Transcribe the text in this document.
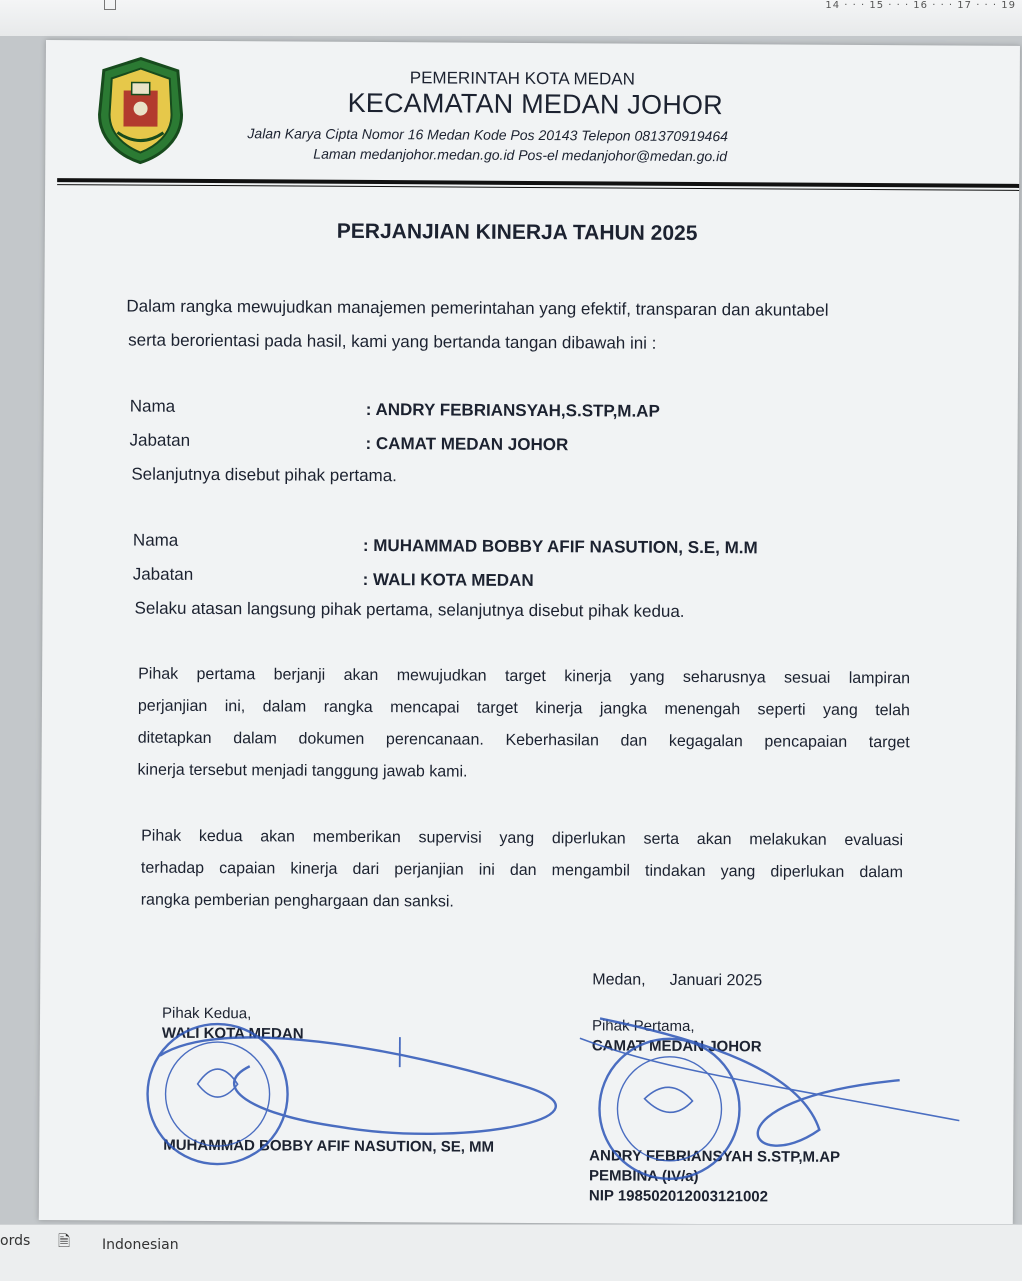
14 · · · 15 · · · 16 · · · 17 · · · 19
PEMERINTAH KOTA MEDAN
KECAMATAN MEDAN JOHOR
Jalan Karya Cipta Nomor 16 Medan Kode Pos 20143 Telepon 081370919464
Laman medanjohor.medan.go.id Pos-el medanjohor@medan.go.id
PERJANJIAN KINERJA TAHUN 2025
Dalam rangka mewujudkan manajemen pemerintahan yang efektif, transparan dan akuntabel
serta berorientasi pada hasil, kami yang bertanda tangan dibawah ini :
Nama	: ANDRY FEBRIANSYAH,S.STP,M.AP
Jabatan	: CAMAT MEDAN JOHOR
Selanjutnya disebut pihak pertama.
Nama	: MUHAMMAD BOBBY AFIF NASUTION, S.E, M.M
Jabatan	: WALI KOTA MEDAN
Selaku atasan langsung pihak pertama, selanjutnya disebut pihak kedua.
Pihak pertama berjanji akan mewujudkan target kinerja yang seharusnya sesuai lampiran
perjanjian ini, dalam rangka mencapai target kinerja jangka menengah seperti yang telah
ditetapkan dalam dokumen perencanaan. Keberhasilan dan kegagalan pencapaian target
kinerja tersebut menjadi tanggung jawab kami.
Pihak kedua akan memberikan supervisi yang diperlukan serta akan melakukan evaluasi
terhadap capaian kinerja dari perjanjian ini dan mengambil tindakan yang diperlukan dalam
rangka pemberian penghargaan dan sanksi.
Medan, Januari 2025
Pihak Kedua,
WALI KOTA MEDAN
MUHAMMAD BOBBY AFIF NASUTION, SE, MM
Pihak Pertama,
CAMAT MEDAN JOHOR
ANDRY FEBRIANSYAH S.STP,M.AP
PEMBINA (IV/a)
NIP 198502012003121002
ords 🗎 Indonesian
